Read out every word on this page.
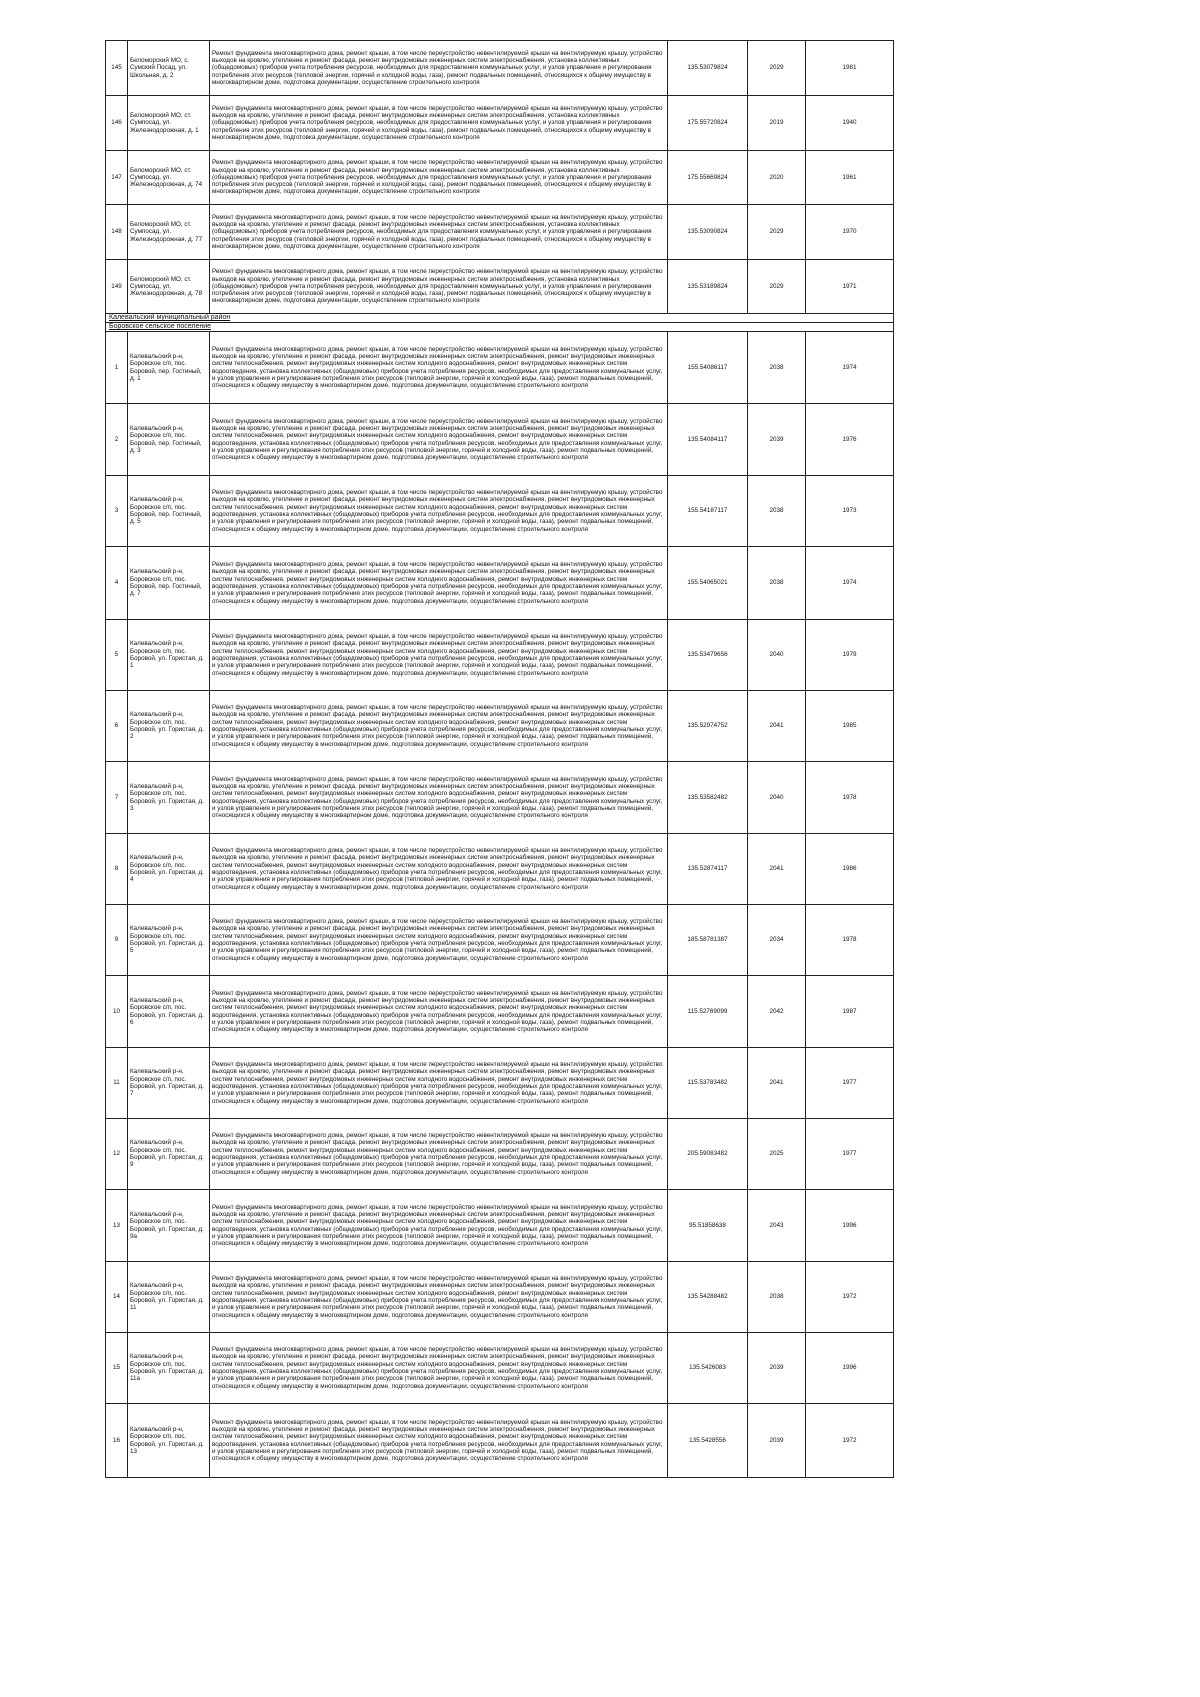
145	Беломорский МО, с. Сумский Посад, ул. Школьная, д. 2	Ремонт фундамента многоквартирного дома, ремонт крыши, в том числе переустройство невентилируемой крыши на вентилируемую крышу, устройство выходов на кровлю, утепление и ремонт фасада, ремонт внутридомовых инженерных систем электроснабжения, установка коллективных (общедомовых) приборов учета потребления ресурсов, необходимых для предоставления коммунальных услуг, и узлов управления и регулирования потребления этих ресурсов (тепловой энергии, горячей и холодной воды, газа), ремонт подвальных помещений, относящихся к общему имуществу в многоквартирном доме, подготовка документации, осуществление строительного контроля	135.53079824	2029	1981
146	Беломорский МО, ст. Сумпосад, ул. Железнодорожная, д. 1	Ремонт фундамента многоквартирного дома, ремонт крыши, в том числе переустройство невентилируемой крыши на вентилируемую крышу, устройство выходов на кровлю, утепление и ремонт фасада, ремонт внутридомовых инженерных систем электроснабжения, установка коллективных (общедомовых) приборов учета потребления ресурсов, необходимых для предоставления коммунальных услуг, и узлов управления и регулирования потребления этих ресурсов (тепловой энергии, горячей и холодной воды, газа), ремонт подвальных помещений, относящихся к общему имуществу в многоквартирном доме, подготовка документации, осуществление строительного контроля	175.55720824	2019	1940
147	Беломорский МО, ст. Сумпосад, ул. Железнодорожная, д. 74	Ремонт фундамента многоквартирного дома, ремонт крыши, в том числе переустройство невентилируемой крыши на вентилируемую крышу, устройство выходов на кровлю, утепление и ремонт фасада, ремонт внутридомовых инженерных систем электроснабжения, установка коллективных (общедомовых) приборов учета потребления ресурсов, необходимых для предоставления коммунальных услуг, и узлов управления и регулирования потребления этих ресурсов (тепловой энергии, горячей и холодной воды, газа), ремонт подвальных помещений, относящихся к общему имуществу в многоквартирном доме, подготовка документации, осуществление строительного контроля	175.55669824	2020	1961
148	Беломорский МО, ст. Сумпосад, ул. Железнодорожная, д. 77	Ремонт фундамента многоквартирного дома, ремонт крыши, в том числе переустройство невентилируемой крыши на вентилируемую крышу, устройство выходов на кровлю, утепление и ремонт фасада, ремонт внутридомовых инженерных систем электроснабжения, установка коллективных (общедомовых) приборов учета потребления ресурсов, необходимых для предоставления коммунальных услуг, и узлов управления и регулирования потребления этих ресурсов (тепловой энергии, горячей и холодной воды, газа), ремонт подвальных помещений, относящихся к общему имуществу в многоквартирном доме, подготовка документации, осуществление строительного контроля	135.53090824	2029	1970
149	Беломорский МО, ст. Сумпосад, ул. Железнодорожная, д. 78	Ремонт фундамента многоквартирного дома, ремонт крыши, в том числе переустройство невентилируемой крыши на вентилируемую крышу, устройство выходов на кровлю, утепление и ремонт фасада, ремонт внутридомовых инженерных систем электроснабжения, установка коллективных (общедомовых) приборов учета потребления ресурсов, необходимых для предоставления коммунальных услуг, и узлов управления и регулирования потребления этих ресурсов (тепловой энергии, горячей и холодной воды, газа), ремонт подвальных помещений, относящихся к общему имуществу в многоквартирном доме, подготовка документации, осуществление строительного контроля	135.53189824	2029	1971
Калевальский муниципальный район					
Боровское сельское поселение					
1	Калевальский р-н, Боровское с/п, пос. Боровой, пер. Гостиный, д. 1	Ремонт фундамента многоквартирного дома, ремонт крыши, в том числе переустройство невентилируемой крыши на вентилируемую крышу, устройство выходов на кровлю, утепление и ремонт фасада, ремонт внутридомовых инженерных систем электроснабжения, ремонт внутридомовых инженерных систем теплоснабжения, ремонт внутридомовых инженерных систем холодного водоснабжения, ремонт внутридомовых инженерных систем водоотведения, установка коллективных (общедомовых) приборов учета потребления ресурсов, необходимых для предоставления коммунальных услуг, и узлов управления и регулирования потребления этих ресурсов (тепловой энергии, горячей и холодной воды, газа), ремонт подвальных помещений, относящихся к общему имуществу в многоквартирном доме, подготовка документации, осуществление строительного контроля	155.54086117	2038	1974
2	Калевальский р-н, Боровское с/п, пос. Боровой, пер. Гостиный, д. 3	Ремонт фундамента многоквартирного дома, ремонт крыши, в том числе переустройство невентилируемой крыши на вентилируемую крышу, устройство выходов на кровлю, утепление и ремонт фасада, ремонт внутридомовых инженерных систем электроснабжения, ремонт внутридомовых инженерных систем теплоснабжения, ремонт внутридомовых инженерных систем холодного водоснабжения, ремонт внутридомовых инженерных систем водоотведения, установка коллективных (общедомовых) приборов учета потребления ресурсов, необходимых для предоставления коммунальных услуг, и узлов управления и регулирования потребления этих ресурсов (тепловой энергии, горячей и холодной воды, газа), ремонт подвальных помещений, относящихся к общему имуществу в многоквартирном доме, подготовка документации, осуществление строительного контроля	135.54084117	2039	1976
3	Калевальский р-н, Боровское с/п, пос. Боровой, пер. Гостиный, д. 5	Ремонт фундамента многоквартирного дома, ремонт крыши, в том числе переустройство невентилируемой крыши на вентилируемую крышу, устройство выходов на кровлю, утепление и ремонт фасада, ремонт внутридомовых инженерных систем электроснабжения, ремонт внутридомовых инженерных систем теплоснабжения, ремонт внутридомовых инженерных систем холодного водоснабжения, ремонт внутридомовых инженерных систем водоотведения, установка коллективных (общедомовых) приборов учета потребления ресурсов, необходимых для предоставления коммунальных услуг, и узлов управления и регулирования потребления этих ресурсов (тепловой энергии, горячей и холодной воды, газа), ремонт подвальных помещений, относящихся к общему имуществу в многоквартирном доме, подготовка документации, осуществление строительного контроля	155.54187117	2038	1973
4	Калевальский р-н, Боровское с/п, пос. Боровой, пер. Гостиный, д. 7	Ремонт фундамента многоквартирного дома, ремонт крыши, в том числе переустройство невентилируемой крыши на вентилируемую крышу, устройство выходов на кровлю, утепление и ремонт фасада, ремонт внутридомовых инженерных систем электроснабжения, ремонт внутридомовых инженерных систем теплоснабжения, ремонт внутридомовых инженерных систем холодного водоснабжения, ремонт внутридомовых инженерных систем водоотведения, установка коллективных (общедомовых) приборов учета потребления ресурсов, необходимых для предоставления коммунальных услуг, и узлов управления и регулирования потребления этих ресурсов (тепловой энергии, горячей и холодной воды, газа), ремонт подвальных помещений, относящихся к общему имуществу в многоквартирном доме, подготовка документации, осуществление строительного контроля	155.54065021	2038	1974
5	Калевальский р-н, Боровское с/п, пос. Боровой, ул. Гористая, д. 1	Ремонт фундамента многоквартирного дома, ремонт крыши, в том числе переустройство невентилируемой крыши на вентилируемую крышу, устройство выходов на кровлю, утепление и ремонт фасада, ремонт внутридомовых инженерных систем электроснабжения, ремонт внутридомовых инженерных систем теплоснабжения, ремонт внутридомовых инженерных систем холодного водоснабжения, ремонт внутридомовых инженерных систем водоотведения, установка коллективных (общедомовых) приборов учета потребления ресурсов, необходимых для предоставления коммунальных услуг, и узлов управления и регулирования потребления этих ресурсов (тепловой энергии, горячей и холодной воды, газа), ремонт подвальных помещений, относящихся к общему имуществу в многоквартирном доме, подготовка документации, осуществление строительного контроля	135.53479656	2040	1979
6	Калевальский р-н, Боровское с/п, пос. Боровой, ул. Гористая, д. 2	Ремонт фундамента многоквартирного дома, ремонт крыши, в том числе переустройство невентилируемой крыши на вентилируемую крышу, устройство выходов на кровлю, утепление и ремонт фасада, ремонт внутридомовых инженерных систем электроснабжения, ремонт внутридомовых инженерных систем теплоснабжения, ремонт внутридомовых инженерных систем холодного водоснабжения, ремонт внутридомовых инженерных систем водоотведения, установка коллективных (общедомовых) приборов учета потребления ресурсов, необходимых для предоставления коммунальных услуг, и узлов управления и регулирования потребления этих ресурсов (тепловой энергии, горячей и холодной воды, газа), ремонт подвальных помещений, относящихся к общему имуществу в многоквартирном доме, подготовка документации, осуществление строительного контроля	135.52974752	2041	1985
7	Калевальский р-н, Боровское с/п, пос. Боровой, ул. Гористая, д. 3	Ремонт фундамента многоквартирного дома, ремонт крыши, в том числе переустройство невентилируемой крыши на вентилируемую крышу, устройство выходов на кровлю, утепление и ремонт фасада, ремонт внутридомовых инженерных систем электроснабжения, ремонт внутридомовых инженерных систем теплоснабжения, ремонт внутридомовых инженерных систем холодного водоснабжения, ремонт внутридомовых инженерных систем водоотведения, установка коллективных (общедомовых) приборов учета потребления ресурсов, необходимых для предоставления коммунальных услуг, и узлов управления и регулирования потребления этих ресурсов (тепловой энергии, горячей и холодной воды, газа), ремонт подвальных помещений, относящихся к общему имуществу в многоквартирном доме, подготовка документации, осуществление строительного контроля	135.53582482	2040	1978
8	Калевальский р-н, Боровское с/п, пос. Боровой, ул. Гористая, д. 4	Ремонт фундамента многоквартирного дома, ремонт крыши, в том числе переустройство невентилируемой крыши на вентилируемую крышу, устройство выходов на кровлю, утепление и ремонт фасада, ремонт внутридомовых инженерных систем электроснабжения, ремонт внутридомовых инженерных систем теплоснабжения, ремонт внутридомовых инженерных систем холодного водоснабжения, ремонт внутридомовых инженерных систем водоотведения, установка коллективных (общедомовых) приборов учета потребления ресурсов, необходимых для предоставления коммунальных услуг, и узлов управления и регулирования потребления этих ресурсов (тепловой энергии, горячей и холодной воды, газа), ремонт подвальных помещений, относящихся к общему имуществу в многоквартирном доме, подготовка документации, осуществление строительного контроля	135.52874117	2041	1986
9	Калевальский р-н, Боровское с/п, пос. Боровой, ул. Гористая, д. 5	Ремонт фундамента многоквартирного дома, ремонт крыши, в том числе переустройство невентилируемой крыши на вентилируемую крышу, устройство выходов на кровлю, утепление и ремонт фасада, ремонт внутридомовых инженерных систем электроснабжения, ремонт внутридомовых инженерных систем теплоснабжения, ремонт внутридомовых инженерных систем холодного водоснабжения, ремонт внутридомовых инженерных систем водоотведения, установка коллективных (общедомовых) приборов учета потребления ресурсов, необходимых для предоставления коммунальных услуг, и узлов управления и регулирования потребления этих ресурсов (тепловой энергии, горячей и холодной воды, газа), ремонт подвальных помещений, относящихся к общему имуществу в многоквартирном доме, подготовка документации, осуществление строительного контроля	185.58781387	2034	1978
10	Калевальский р-н, Боровское с/п, пос. Боровой, ул. Гористая, д. 6	Ремонт фундамента многоквартирного дома, ремонт крыши, в том числе переустройство невентилируемой крыши на вентилируемую крышу, устройство выходов на кровлю, утепление и ремонт фасада, ремонт внутридомовых инженерных систем электроснабжения, ремонт внутридомовых инженерных систем теплоснабжения, ремонт внутридомовых инженерных систем холодного водоснабжения, ремонт внутридомовых инженерных систем водоотведения, установка коллективных (общедомовых) приборов учета потребления ресурсов, необходимых для предоставления коммунальных услуг, и узлов управления и регулирования потребления этих ресурсов (тепловой энергии, горячей и холодной воды, газа), ремонт подвальных помещений, относящихся к общему имуществу в многоквартирном доме, подготовка документации, осуществление строительного контроля	115.52769099	2042	1987
11	Калевальский р-н, Боровское с/п, пос. Боровой, ул. Гористая, д. 7	Ремонт фундамента многоквартирного дома, ремонт крыши, в том числе переустройство невентилируемой крыши на вентилируемую крышу, устройство выходов на кровлю, утепление и ремонт фасада, ремонт внутридомовых инженерных систем электроснабжения, ремонт внутридомовых инженерных систем теплоснабжения, ремонт внутридомовых инженерных систем холодного водоснабжения, ремонт внутридомовых инженерных систем водоотведения, установка коллективных (общедомовых) приборов учета потребления ресурсов, необходимых для предоставления коммунальных услуг, и узлов управления и регулирования потребления этих ресурсов (тепловой энергии, горячей и холодной воды, газа), ремонт подвальных помещений, относящихся к общему имуществу в многоквартирном доме, подготовка документации, осуществление строительного контроля	115.53783482	2041	1977
12	Калевальский р-н, Боровское с/п, пос. Боровой, ул. Гористая, д. 9	Ремонт фундамента многоквартирного дома, ремонт крыши, в том числе переустройство невентилируемой крыши на вентилируемую крышу, устройство выходов на кровлю, утепление и ремонт фасада, ремонт внутридомовых инженерных систем электроснабжения, ремонт внутридомовых инженерных систем теплоснабжения, ремонт внутридомовых инженерных систем холодного водоснабжения, ремонт внутридомовых инженерных систем водоотведения, установка коллективных (общедомовых) приборов учета потребления ресурсов, необходимых для предоставления коммунальных услуг, и узлов управления и регулирования потребления этих ресурсов (тепловой энергии, горячей и холодной воды, газа), ремонт подвальных помещений, относящихся к общему имуществу в многоквартирном доме, подготовка документации, осуществление строительного контроля	205.59083482	2025	1977
13	Калевальский р-н, Боровское с/п, пос. Боровой, ул. Гористая, д. 9а	Ремонт фундамента многоквартирного дома, ремонт крыши, в том числе переустройство невентилируемой крыши на вентилируемую крышу, устройство выходов на кровлю, утепление и ремонт фасада, ремонт внутридомовых инженерных систем электроснабжения, ремонт внутридомовых инженерных систем теплоснабжения, ремонт внутридомовых инженерных систем холодного водоснабжения, ремонт внутридомовых инженерных систем водоотведения, установка коллективных (общедомовых) приборов учета потребления ресурсов, необходимых для предоставления коммунальных услуг, и узлов управления и регулирования потребления этих ресурсов (тепловой энергии, горячей и холодной воды, газа), ремонт подвальных помещений, относящихся к общему имуществу в многоквартирном доме, подготовка документации, осуществление строительного контроля	95.51858638	2043	1996
14	Калевальский р-н, Боровское с/п, пос. Боровой, ул. Гористая, д. 11	Ремонт фундамента многоквартирного дома, ремонт крыши, в том числе переустройство невентилируемой крыши на вентилируемую крышу, устройство выходов на кровлю, утепление и ремонт фасада, ремонт внутридомовых инженерных систем электроснабжения, ремонт внутридомовых инженерных систем теплоснабжения, ремонт внутридомовых инженерных систем холодного водоснабжения, ремонт внутридомовых инженерных систем водоотведения, установка коллективных (общедомовых) приборов учета потребления ресурсов, необходимых для предоставления коммунальных услуг, и узлов управления и регулирования потребления этих ресурсов (тепловой энергии, горячей и холодной воды, газа), ремонт подвальных помещений, относящихся к общему имуществу в многоквартирном доме, подготовка документации, осуществление строительного контроля	135.54288482	2038	1972
15	Калевальский р-н, Боровское с/п, пос. Боровой, ул. Гористая, д. 11а	Ремонт фундамента многоквартирного дома, ремонт крыши, в том числе переустройство невентилируемой крыши на вентилируемую крышу, устройство выходов на кровлю, утепление и ремонт фасада, ремонт внутридомовых инженерных систем электроснабжения, ремонт внутридомовых инженерных систем теплоснабжения, ремонт внутридомовых инженерных систем холодного водоснабжения, ремонт внутридомовых инженерных систем водоотведения, установка коллективных (общедомовых) приборов учета потребления ресурсов, необходимых для предоставления коммунальных услуг, и узлов управления и регулирования потребления этих ресурсов (тепловой энергии, горячей и холодной воды, газа), ремонт подвальных помещений, относящихся к общему имуществу в многоквартирном доме, подготовка документации, осуществление строительного контроля	135.5426083	2039	1996
16	Калевальский р-н, Боровское с/п, пос. Боровой, ул. Гористая, д. 13	Ремонт фундамента многоквартирного дома, ремонт крыши, в том числе переустройство невентилируемой крыши на вентилируемую крышу, устройство выходов на кровлю, утепление и ремонт фасада, ремонт внутридомовых инженерных систем электроснабжения, ремонт внутридомовых инженерных систем теплоснабжения, ремонт внутридомовых инженерных систем холодного водоснабжения, ремонт внутридомовых инженерных систем водоотведения, установка коллективных (общедомовых) приборов учета потребления ресурсов, необходимых для предоставления коммунальных услуг, и узлов управления и регулирования потребления этих ресурсов (тепловой энергии, горячей и холодной воды, газа), ремонт подвальных помещений, относящихся к общему имуществу в многоквартирном доме, подготовка документации, осуществление строительного контроля	135.5428556	2039	1972
